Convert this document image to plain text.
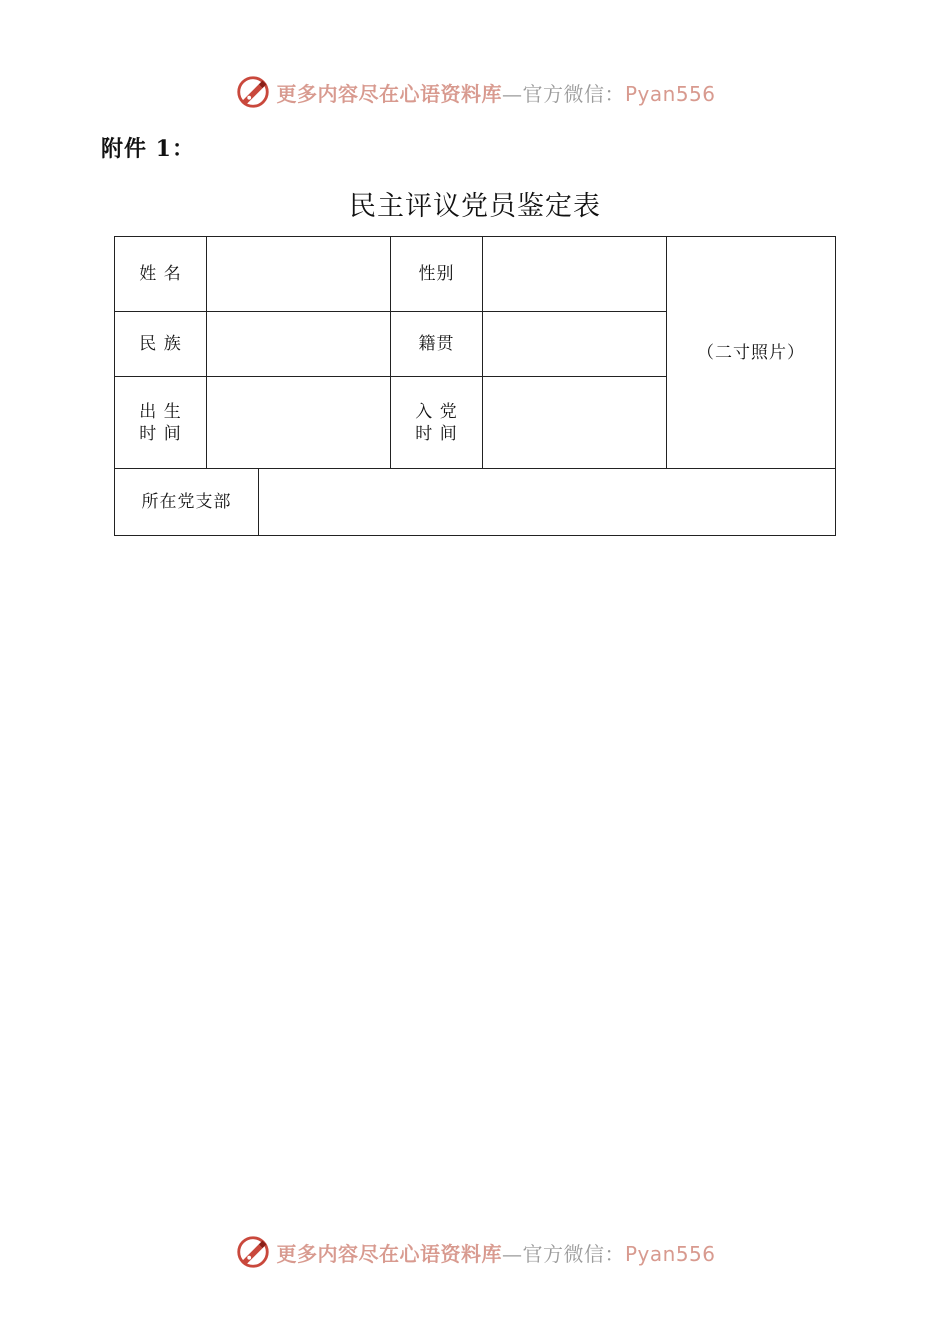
更多内容尽在心语资料库—官方微信：Pyan556
附件 1：
民主评议党员鉴定表
姓 名	性别
（二寸照片）
民 族	籍贯
出 生
时 间
入 党
时 间
所在党支部
更多内容尽在心语资料库—官方微信：Pyan556
